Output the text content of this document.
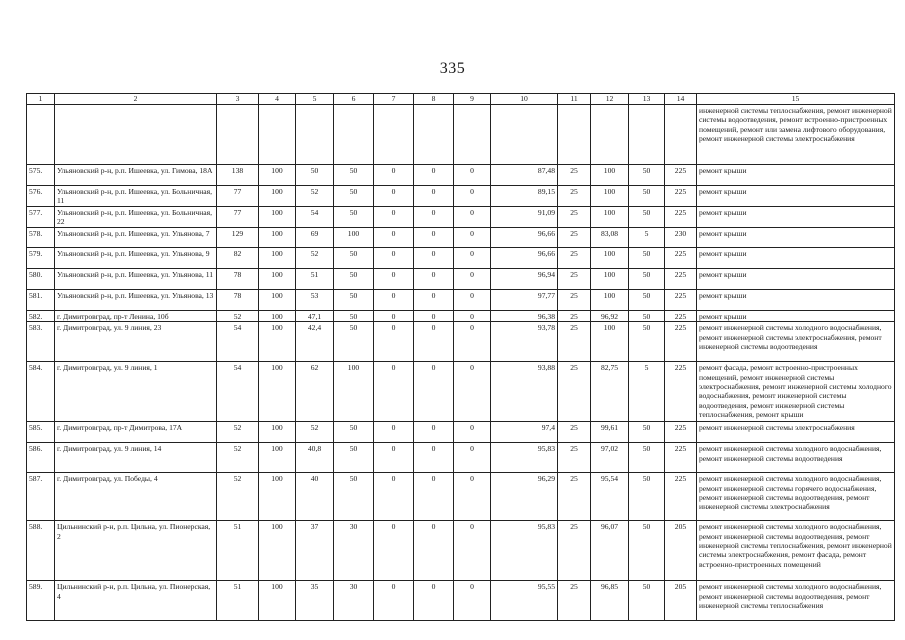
335
1	2	3	4	5	6	7	8	9	10	11	12	13	14	15
														инженерной системы теплоснабжения, ремонт инженерной системы водоотведения, ремонт встроенно-пристроенных помещений, ремонт или замена лифтового оборудования, ремонт инженерной системы электроснабжения
575.	Ульяновский р-н, р.п. Ишеевка, ул. Гимова, 18А	138	100	50	50	0	0	0	87,48	25	100	50	225	ремонт крыши
576.	Ульяновский р-н, р.п. Ишеевка, ул. Больничная, 11	77	100	52	50	0	0	0	89,15	25	100	50	225	ремонт крыши
577.	Ульяновский р-н, р.п. Ишеевка, ул. Больничная, 22	77	100	54	50	0	0	0	91,09	25	100	50	225	ремонт крыши
578.	Ульяновский р-н, р.п. Ишеевка, ул. Ульянова, 7	129	100	69	100	0	0	0	96,66	25	83,08	5	230	ремонт крыши
579.	Ульяновский р-н, р.п. Ишеевка, ул. Ульянова, 9	82	100	52	50	0	0	0	96,66	25	100	50	225	ремонт крыши
580.	Ульяновский р-н, р.п. Ишеевка, ул. Ульянова, 11	78	100	51	50	0	0	0	96,94	25	100	50	225	ремонт крыши
581.	Ульяновский р-н, р.п. Ишеевка, ул. Ульянова, 13	78	100	53	50	0	0	0	97,77	25	100	50	225	ремонт крыши
582.	г. Димитровград, пр-т Ленина, 10б	52	100	47,1	50	0	0	0	96,38	25	96,92	50	225	ремонт крыши
583.	г. Димитровград, ул. 9 линия, 23	54	100	42,4	50	0	0	0	93,78	25	100	50	225	ремонт инженерной системы холодного водоснабжения, ремонт инженерной системы электроснабжения, ремонт инженерной системы водоотведения
584.	г. Димитровград, ул. 9 линия, 1	54	100	62	100	0	0	0	93,88	25	82,75	5	225	ремонт фасада, ремонт встроенно-пристроенных помещений, ремонт инженерной системы электроснабжения, ремонт инженерной системы холодного водоснабжения, ремонт инженерной системы водоотведения, ремонт инженерной системы теплоснабжения, ремонт крыши
585.	г. Димитровград, пр-т Димитрова, 17А	52	100	52	50	0	0	0	97,4	25	99,61	50	225	ремонт инженерной системы электроснабжения
586.	г. Димитровград, ул. 9 линия, 14	52	100	40,8	50	0	0	0	95,83	25	97,02	50	225	ремонт инженерной системы холодного водоснабжения, ремонт инженерной системы водоотведения
587.	г. Димитровград, ул. Победы, 4	52	100	40	50	0	0	0	96,29	25	95,54	50	225	ремонт инженерной системы холодного водоснабжения, ремонт инженерной системы горячего водоснабжения, ремонт инженерной системы водоотведения, ремонт инженерной системы электроснабжения
588.	Цильнинский р-н, р.п. Цильна, ул. Пионерская, 2	51	100	37	30	0	0	0	95,83	25	96,07	50	205	ремонт инженерной системы холодного водоснабжения, ремонт инженерной системы водоотведения, ремонт инженерной системы теплоснабжения, ремонт инженерной системы электроснабжения, ремонт фасада, ремонт встроенно-пристроенных помещений
589.	Цильнинский р-н, р.п. Цильна, ул. Пионерская, 4	51	100	35	30	0	0	0	95,55	25	96,85	50	205	ремонт инженерной системы холодного водоснабжения, ремонт инженерной системы водоотведения, ремонт инженерной системы теплоснабжения
